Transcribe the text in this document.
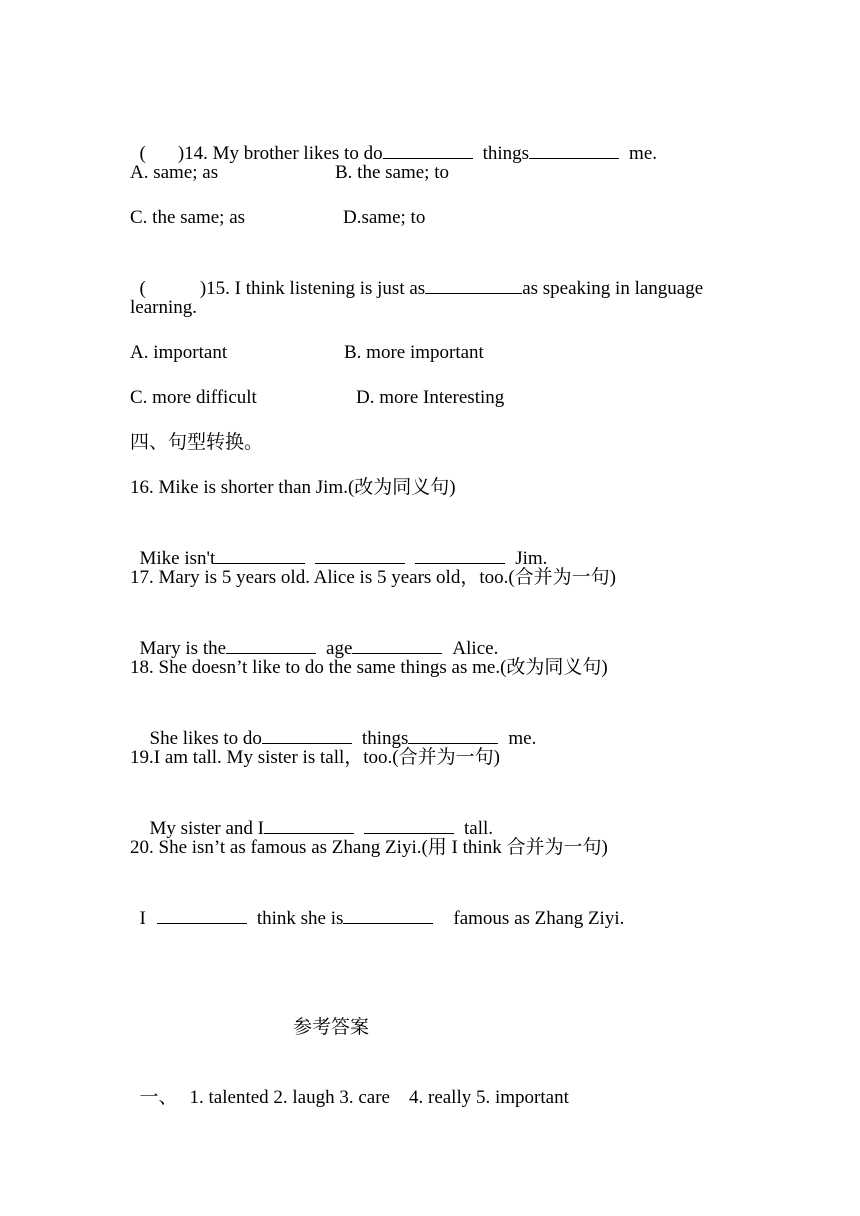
( )14. My brother likes to do	things	me.

A. same; as	B. the same; to
C. the same; as	D.same; to

(	)15. I think listening is just as	as speaking in language

learning.
A. important	B. more important
C. more difficult	D. more Interesting
四、句型转换。
16. Mike is shorter than Jim.(改为同义句)

Mike isn't	Jim.

17. Mary is 5 years old. Alice is 5 years old，too.(合并为一句)

Mary is the	age	Alice.

18. She doesn’t like to do the same things as me.(改为同义句)

She likes to do	things	me.

19.I am tall. My sister is tall，too.(合并为一句)

My sister and I	tall.

20. She isn’t as famous as Zhang Ziyi.(用 I think 合并为一句)

I	think she is	famous as Zhang Ziyi.

参考答案

一、 1. talented 2. laugh 3. care    4. really 5. important
